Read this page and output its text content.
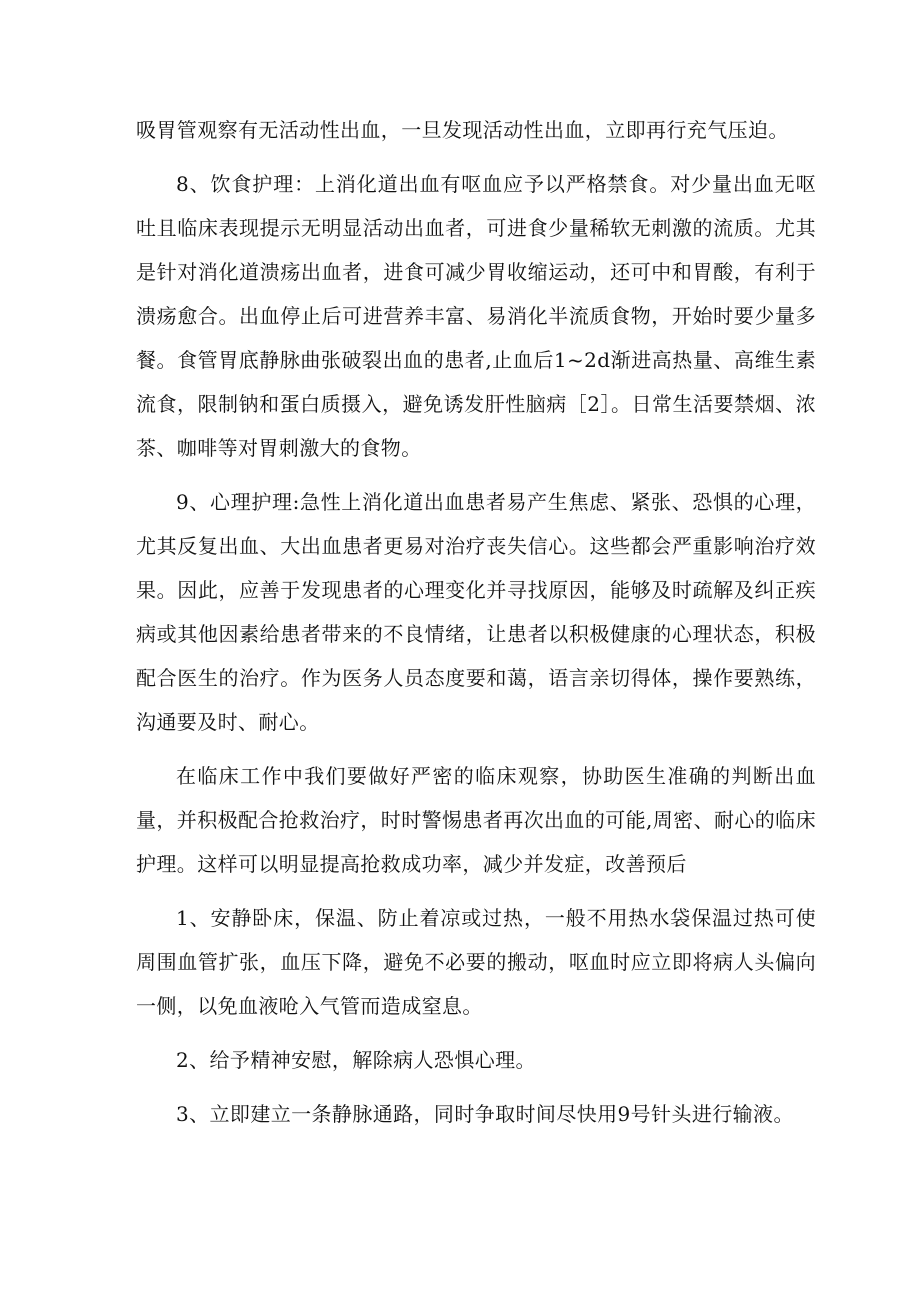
吸胃管观察有无活动性出血，一旦发现活动性出血，立即再行充气压迫。

8、饮食护理：上消化道出血有呕血应予以严格禁食。对少量出血无呕吐且临床表现提示无明显活动出血者，可进食少量稀软无刺激的流质。尤其是针对消化道溃疡出血者，进食可减少胃收缩运动，还可中和胃酸，有利于溃疡愈合。出血停止后可进营养丰富、易消化半流质食物，开始时要少量多餐。食管胃底静脉曲张破裂出血的患者,止血后1~2d渐进高热量、高维生素流食，限制钠和蛋白质摄入，避免诱发肝性脑病［2］。日常生活要禁烟、浓茶、咖啡等对胃刺激大的食物。

9、心理护理:急性上消化道出血患者易产生焦虑、紧张、恐惧的心理，尤其反复出血、大出血患者更易对治疗丧失信心。这些都会严重影响治疗效果。因此，应善于发现患者的心理变化并寻找原因，能够及时疏解及纠正疾病或其他因素给患者带来的不良情绪，让患者以积极健康的心理状态，积极配合医生的治疗。作为医务人员态度要和蔼，语言亲切得体，操作要熟练，沟通要及时、耐心。

在临床工作中我们要做好严密的临床观察，协助医生准确的判断出血量，并积极配合抢救治疗，时时警惕患者再次出血的可能,周密、耐心的临床护理。这样可以明显提高抢救成功率，减少并发症，改善预后

1、安静卧床，保温、防止着凉或过热，一般不用热水袋保温过热可使周围血管扩张，血压下降，避免不必要的搬动，呕血时应立即将病人头偏向一侧，以免血液呛入气管而造成窒息。

2、给予精神安慰，解除病人恐惧心理。

3、立即建立一条静脉通路，同时争取时间尽快用9号针头进行输液。
